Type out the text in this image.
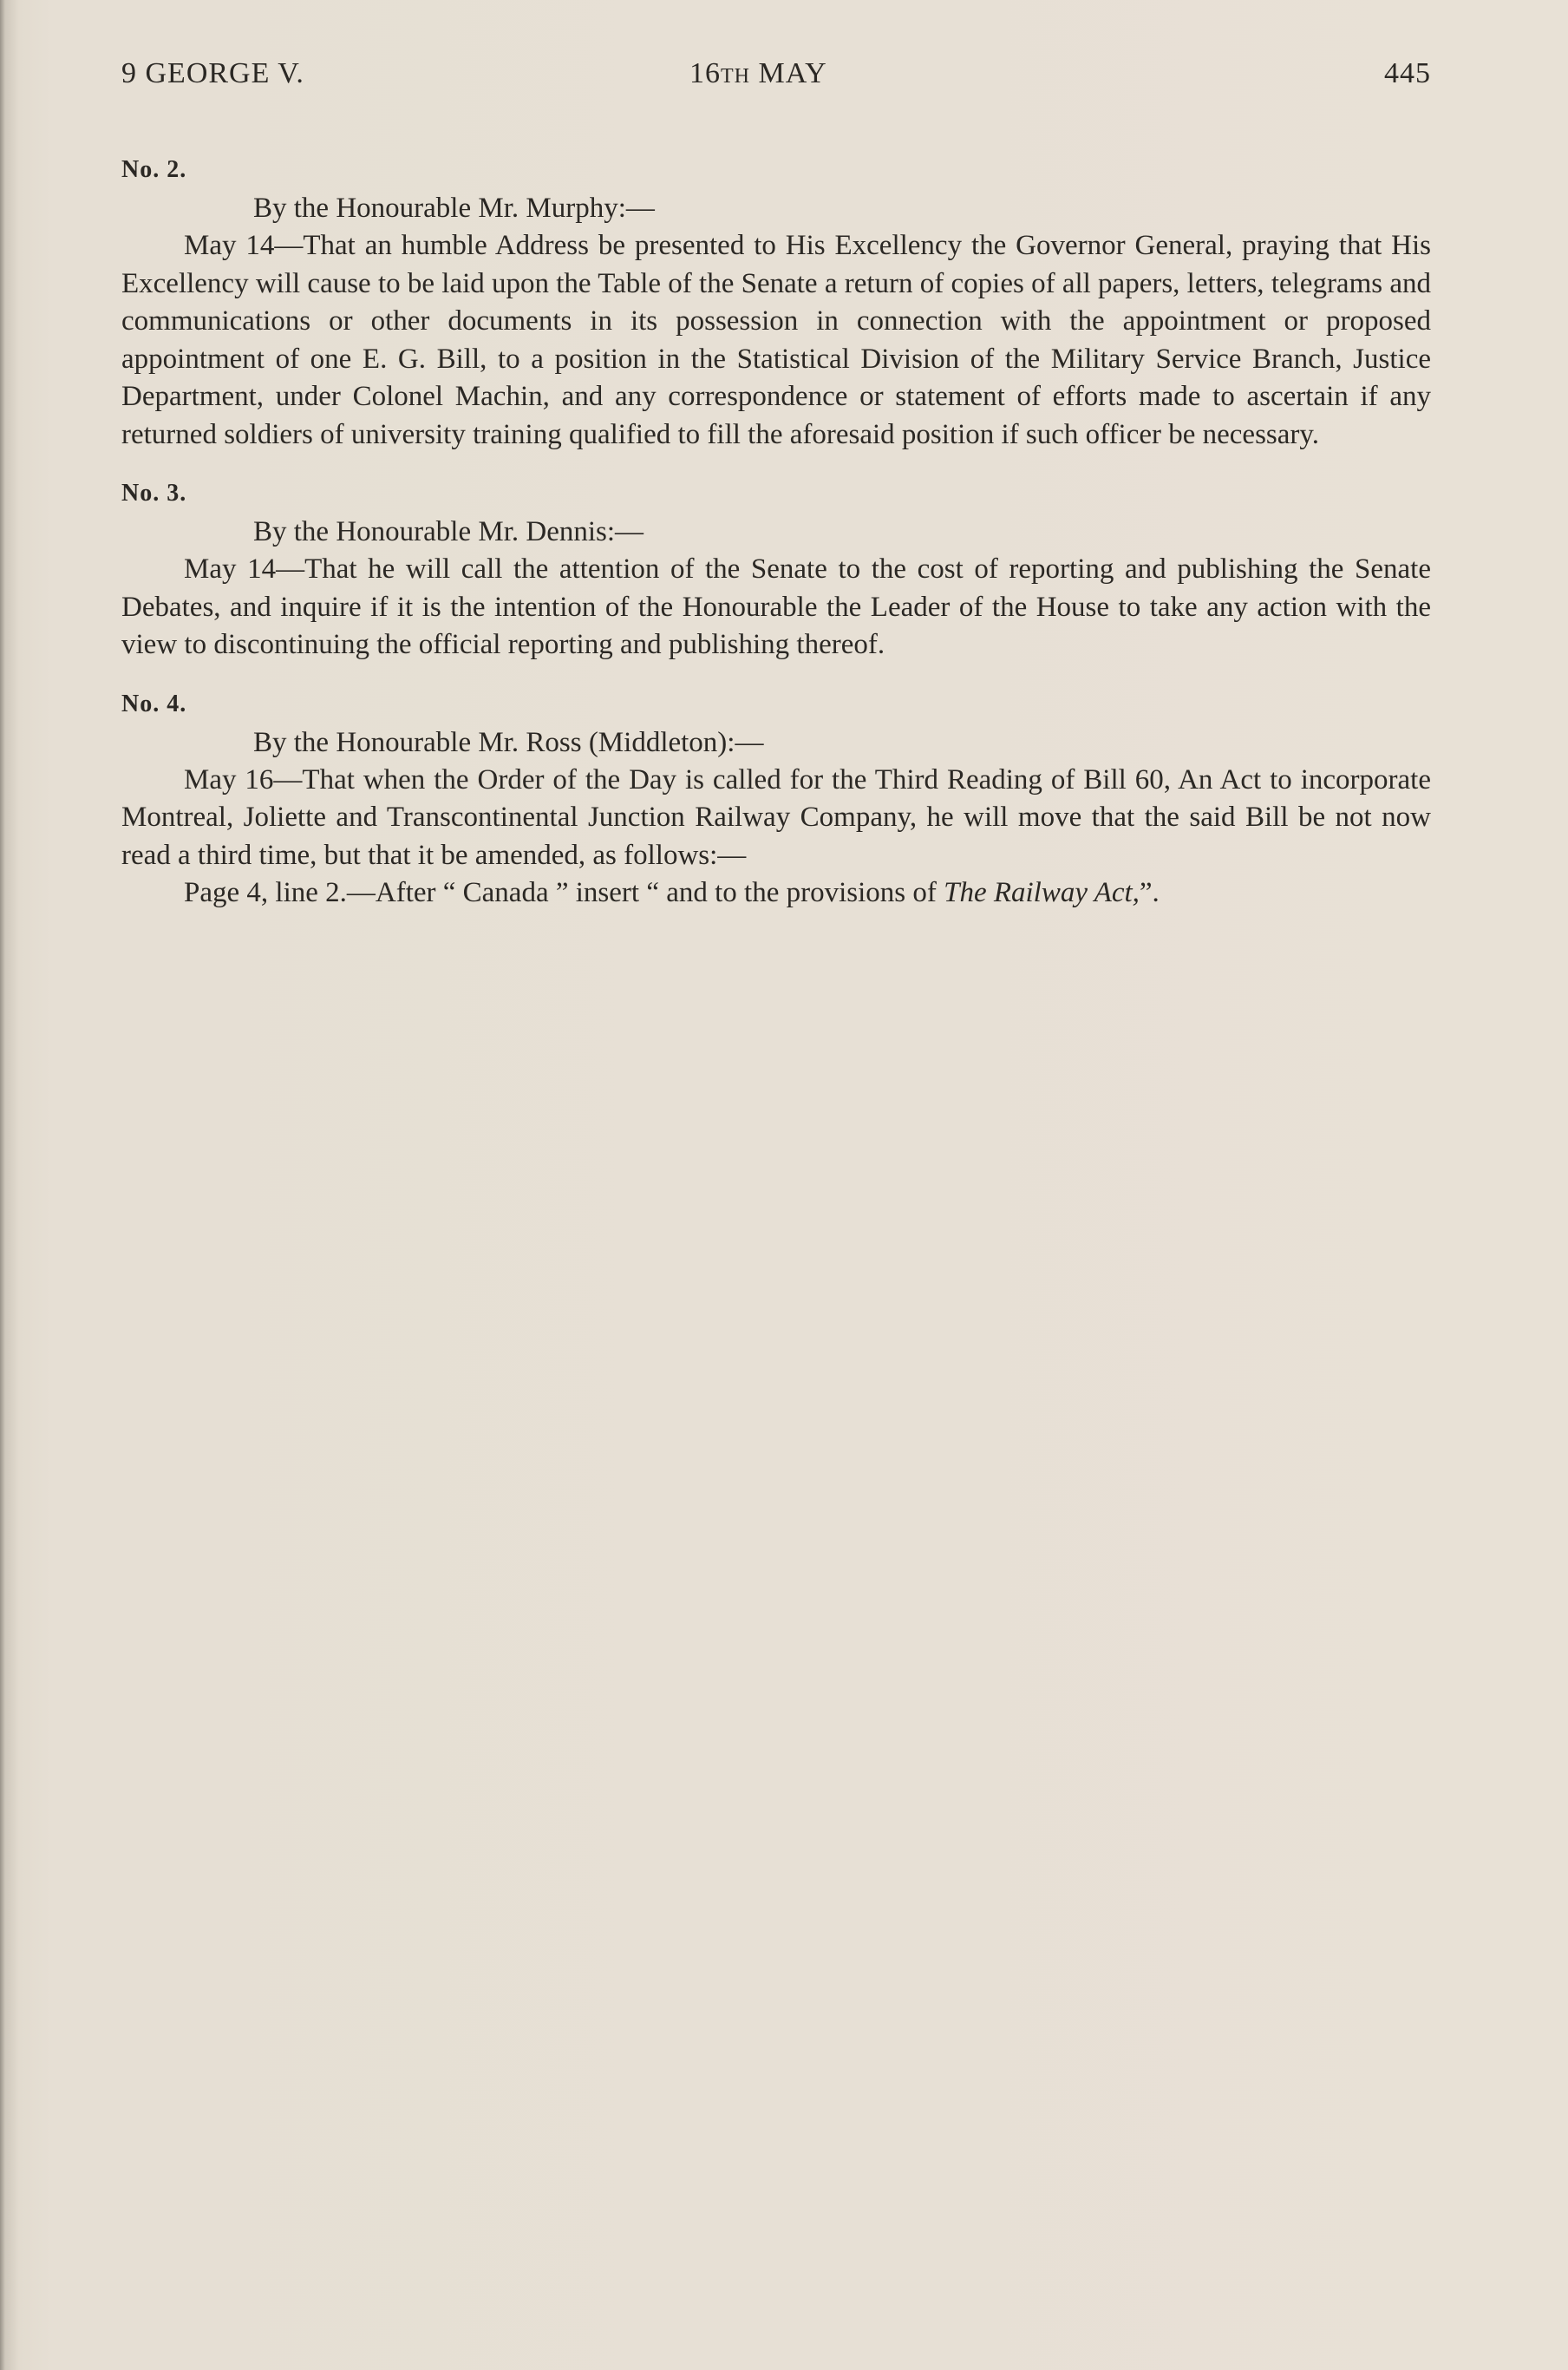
9 GEORGE V.	16TH MAY	445
No. 2.
By the Honourable Mr. Murphy:—

May 14—That an humble Address be presented to His Excellency the Governor General, praying that His Excellency will cause to be laid upon the Table of the Senate a return of copies of all papers, letters, telegrams and communications or other documents in its possession in connection with the appointment or proposed appointment of one E. G. Bill, to a position in the Statistical Division of the Military Service Branch, Justice Department, under Colonel Machin, and any correspondence or statement of efforts made to ascertain if any returned soldiers of university training qualified to fill the aforesaid position if such officer be necessary.

No. 3.
By the Honourable Mr. Dennis:—

May 14—That he will call the attention of the Senate to the cost of reporting and publishing the Senate Debates, and inquire if it is the intention of the Honourable the Leader of the House to take any action with the view to discontinuing the official reporting and publishing thereof.

No. 4.
By the Honourable Mr. Ross (Middleton):—

May 16—That when the Order of the Day is called for the Third Reading of Bill 60, An Act to incorporate Montreal, Joliette and Transcontinental Junction Railway Company, he will move that the said Bill be not now read a third time, but that it be amended, as follows:—

Page 4, line 2.—After “ Canada ” insert “ and to the provisions of The Railway Act,”.
